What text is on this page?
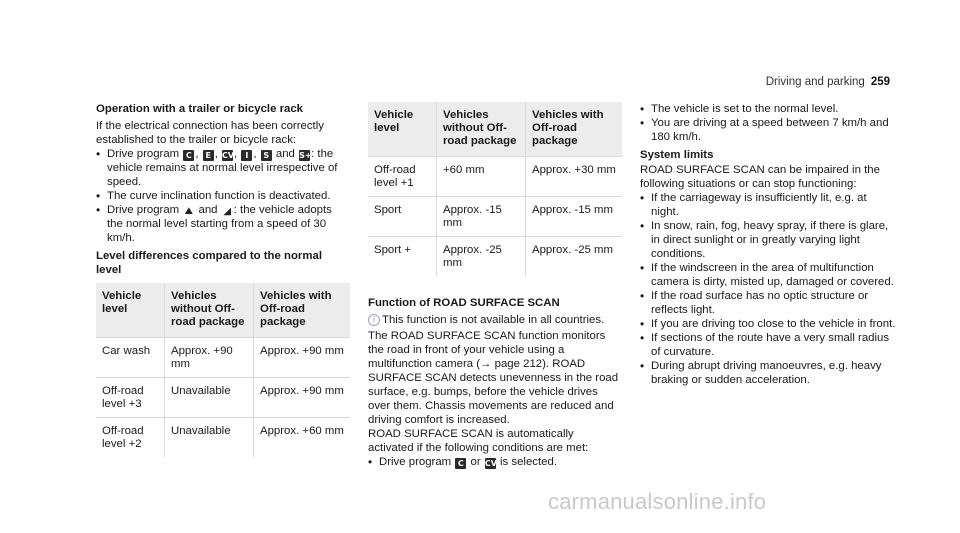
Driving and parking 259
Operation with a trailer or bicycle rack

If the electrical connection has been correctly established to the trailer or bicycle rack:

• Drive program C , E , CV, I , S and S+: the vehicle remains at normal level irrespective of speed.
• The curve inclination function is deactivated.
• Drive program ⛰ and ◢ : the vehicle adopts the normal level starting from a speed of 30 km/h.
Level differences compared to the normal level
Vehicle level	Vehicles without Off-road package	Vehicles with Off-road package
Car wash	Approx. +90 mm	Approx. +90 mm
Off-road level +3	Unavailable	Approx. +90 mm
Off-road level +2	Unavailable	Approx. +60 mm
Vehicle level	Vehicles without Off-road package	Vehicles with Off-road package
Off-road level +1	+60 mm	Approx. +30 mm
Sport	Approx. -15 mm	Approx. -15 mm
Sport +	Approx. -25 mm	Approx. -25 mm
Function of ROAD SURFACE SCAN
i This function is not available in all countries.

The ROAD SURFACE SCAN function monitors the road in front of your vehicle using a multifunction camera (→ page 212). ROAD SURFACE SCAN detects unevenness in the road surface, e.g. bumps, before the vehicle drives over them. Chassis movements are reduced and driving comfort is increased.

ROAD SURFACE SCAN is automatically activated if the following conditions are met:

• Drive program C or CV is selected.
• The vehicle is set to the normal level.
• You are driving at a speed between 7 km/h and 180 km/h.
System limits

ROAD SURFACE SCAN can be impaired in the following situations or can stop functioning:

• If the carriageway is insufficiently lit, e.g. at night.
• In snow, rain, fog, heavy spray, if there is glare, in direct sunlight or in greatly varying light conditions.
• If the windscreen in the area of multifunction camera is dirty, misted up, damaged or covered.
• If the road surface has no optic structure or reflects light.
• If you are driving too close to the vehicle in front.
• If sections of the route have a very small radius of curvature.
• During abrupt driving manoeuvres, e.g. heavy braking or sudden acceleration.
carmanualsonline.info
